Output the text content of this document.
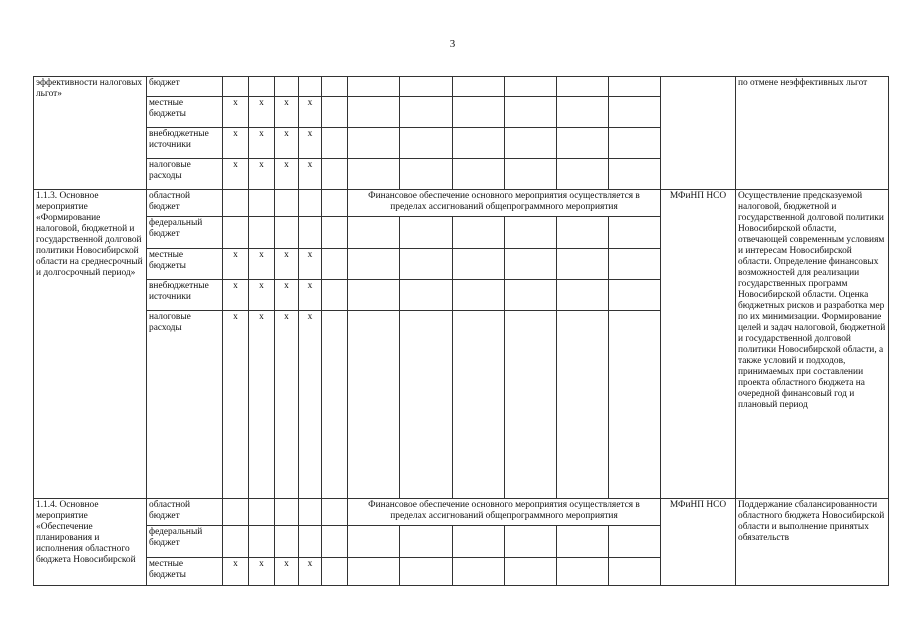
3
эффективности налоговых льгот»	бюджет													по отмене неэффективных льгот
	местные бюджеты	х	х	х	х									
	внебюджетные источники	х	х	х	х									
	налоговые расходы	х	х	х	х									
1.1.3. Основное мероприятие «Формирование налоговой, бюджетной и государственной долговой политики Новосибирской области на среднесрочный и долгосрочный период»	областной бюджет						Финансовое обеспечение основного мероприятия осуществляется в пределах ассигнований общепрограммного мероприятия						МФиНП НСО	Осуществление предсказуемой налоговой, бюджетной и государственной долговой политики Новосибирской области, отвечающей современным условиям и интересам Новосибирской области. Определение финансовых возможностей для реализации государственных программ Новосибирской области. Оценка бюджетных рисков и разработка мер по их минимизации. Формирование целей и задач налоговой, бюджетной и государственной долговой политики Новосибирской области, а также условий и подходов, принимаемых при составлении проекта областного бюджета на очередной финансовый год и плановый период
	федеральный бюджет													
	местные бюджеты	х	х	х	х									
	внебюджетные источники	х	х	х	х									
	налоговые расходы	х	х	х	х									
1.1.4. Основное мероприятие «Обеспечение планирования и исполнения областного бюджета Новосибирской	областной бюджет						Финансовое обеспечение основного мероприятия осуществляется в пределах ассигнований общепрограммного мероприятия						МФиНП НСО	Поддержание сбалансированности областного бюджета Новосибирской области и выполнение принятых обязательств
	федеральный бюджет													
	местные бюджеты	х	х	х	х									
